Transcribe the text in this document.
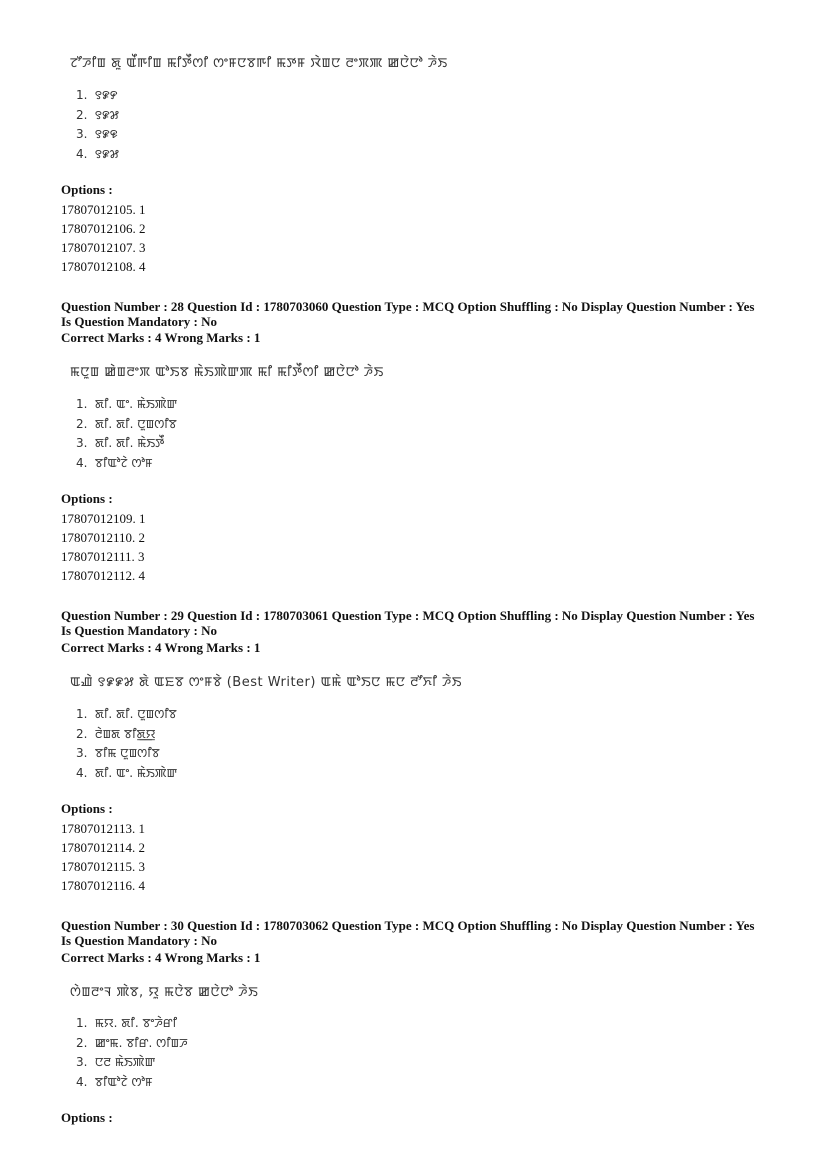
ꯖꯧꯍꯤꯡ ꯗꯨ ꯑꯩꯒꯤꯡ ꯃꯤꯇꯩꯁꯤ ꯁꯦꯝꯅꯕꯒꯤ ꯃꯇꯝ ꯋꯥꯡꯅ ꯂꯦꯞꯄ ꯀꯅꯥꯅꯣ ꯍꯥꯏ
1. ꯱꯹꯸
2. ꯱꯹꯷
3. ꯱꯹꯶
4. ꯱꯹꯷
Options :
17807012105. 1
17807012106. 2
17807012107. 3
17807012108. 4
Question Number : 28 Question Id : 1780703060 Question Type : MCQ Option Shuffling : No Display Question Number : Yes Is Question Mandatory : No
Correct Marks : 4 Wrong Marks : 1
ꯃꯅꯨꯡ ꯀꯥꯡꯂꯦꯞ ꯑꯣꯏꯕ ꯃꯥꯏꯄꯥꯛꯄ ꯃꯤ ꯃꯤꯇꯩꯁꯤ ꯀꯅꯥꯅꯣ ꯍꯥꯏ
1. ꯗꯤ. ꯑꯦ. ꯃꯥꯏꯄꯥꯛ
2. ꯗꯤ. ꯗꯤ. ꯅꯨꯡꯁꯤꯕ
3. ꯗꯤ. ꯗꯤ. ꯃꯥꯏꯇꯩ
4. ꯕꯤꯑꯣꯖꯥ ꯁꯣꯝ
Options :
17807012109. 1
17807012110. 2
17807012111. 3
17807012112. 4
Question Number : 29 Question Id : 1780703061 Question Type : MCQ Option Shuffling : No Display Question Number : Yes Is Question Mandatory : No
Correct Marks : 4 Wrong Marks : 1
ꯑꯉꯥ ꯱꯹꯹꯷ ꯗꯥ ꯑꯐꯕ ꯁꯦꯝꯕꯥ (Best Writer) ꯑꯃꯥ ꯑꯣꯏꯅ ꯃꯅ ꯂꯧꯈꯤ ꯍꯥꯏ
1. ꯗꯤ. ꯗꯤ. ꯅꯨꯡꯁꯤꯕ
2. ꯂꯥꯡꯗ ꯕꯤꯗ꯭ꯌ
3. ꯕꯤꯃ ꯅꯨꯡꯁꯤꯕ
4. ꯗꯤ. ꯑꯦ. ꯃꯥꯏꯄꯥꯛ
Options :
17807012113. 1
17807012114. 2
17807012115. 3
17807012116. 4
Question Number : 30 Question Id : 1780703062 Question Type : MCQ Option Shuffling : No Display Question Number : Yes Is Question Mandatory : No
Correct Marks : 4 Wrong Marks : 1
ꯁꯥꯡꯂꯦꯜ ꯄꯥꯕ, ꯌꯨ ꯃꯅꯥꯕ ꯀꯅꯥꯅꯣ ꯍꯥꯏ
1. ꯃꯌ. ꯗꯤ. ꯕꯦꯍꯥꯔꯤ
2. ꯀꯦꯃ. ꯕꯤꯔ. ꯁꯤꯡꯍ
3. ꯅꯂ ꯃꯥꯏꯄꯥꯛ
4. ꯕꯤꯑꯣꯖꯥ ꯁꯣꯝ
Options :
